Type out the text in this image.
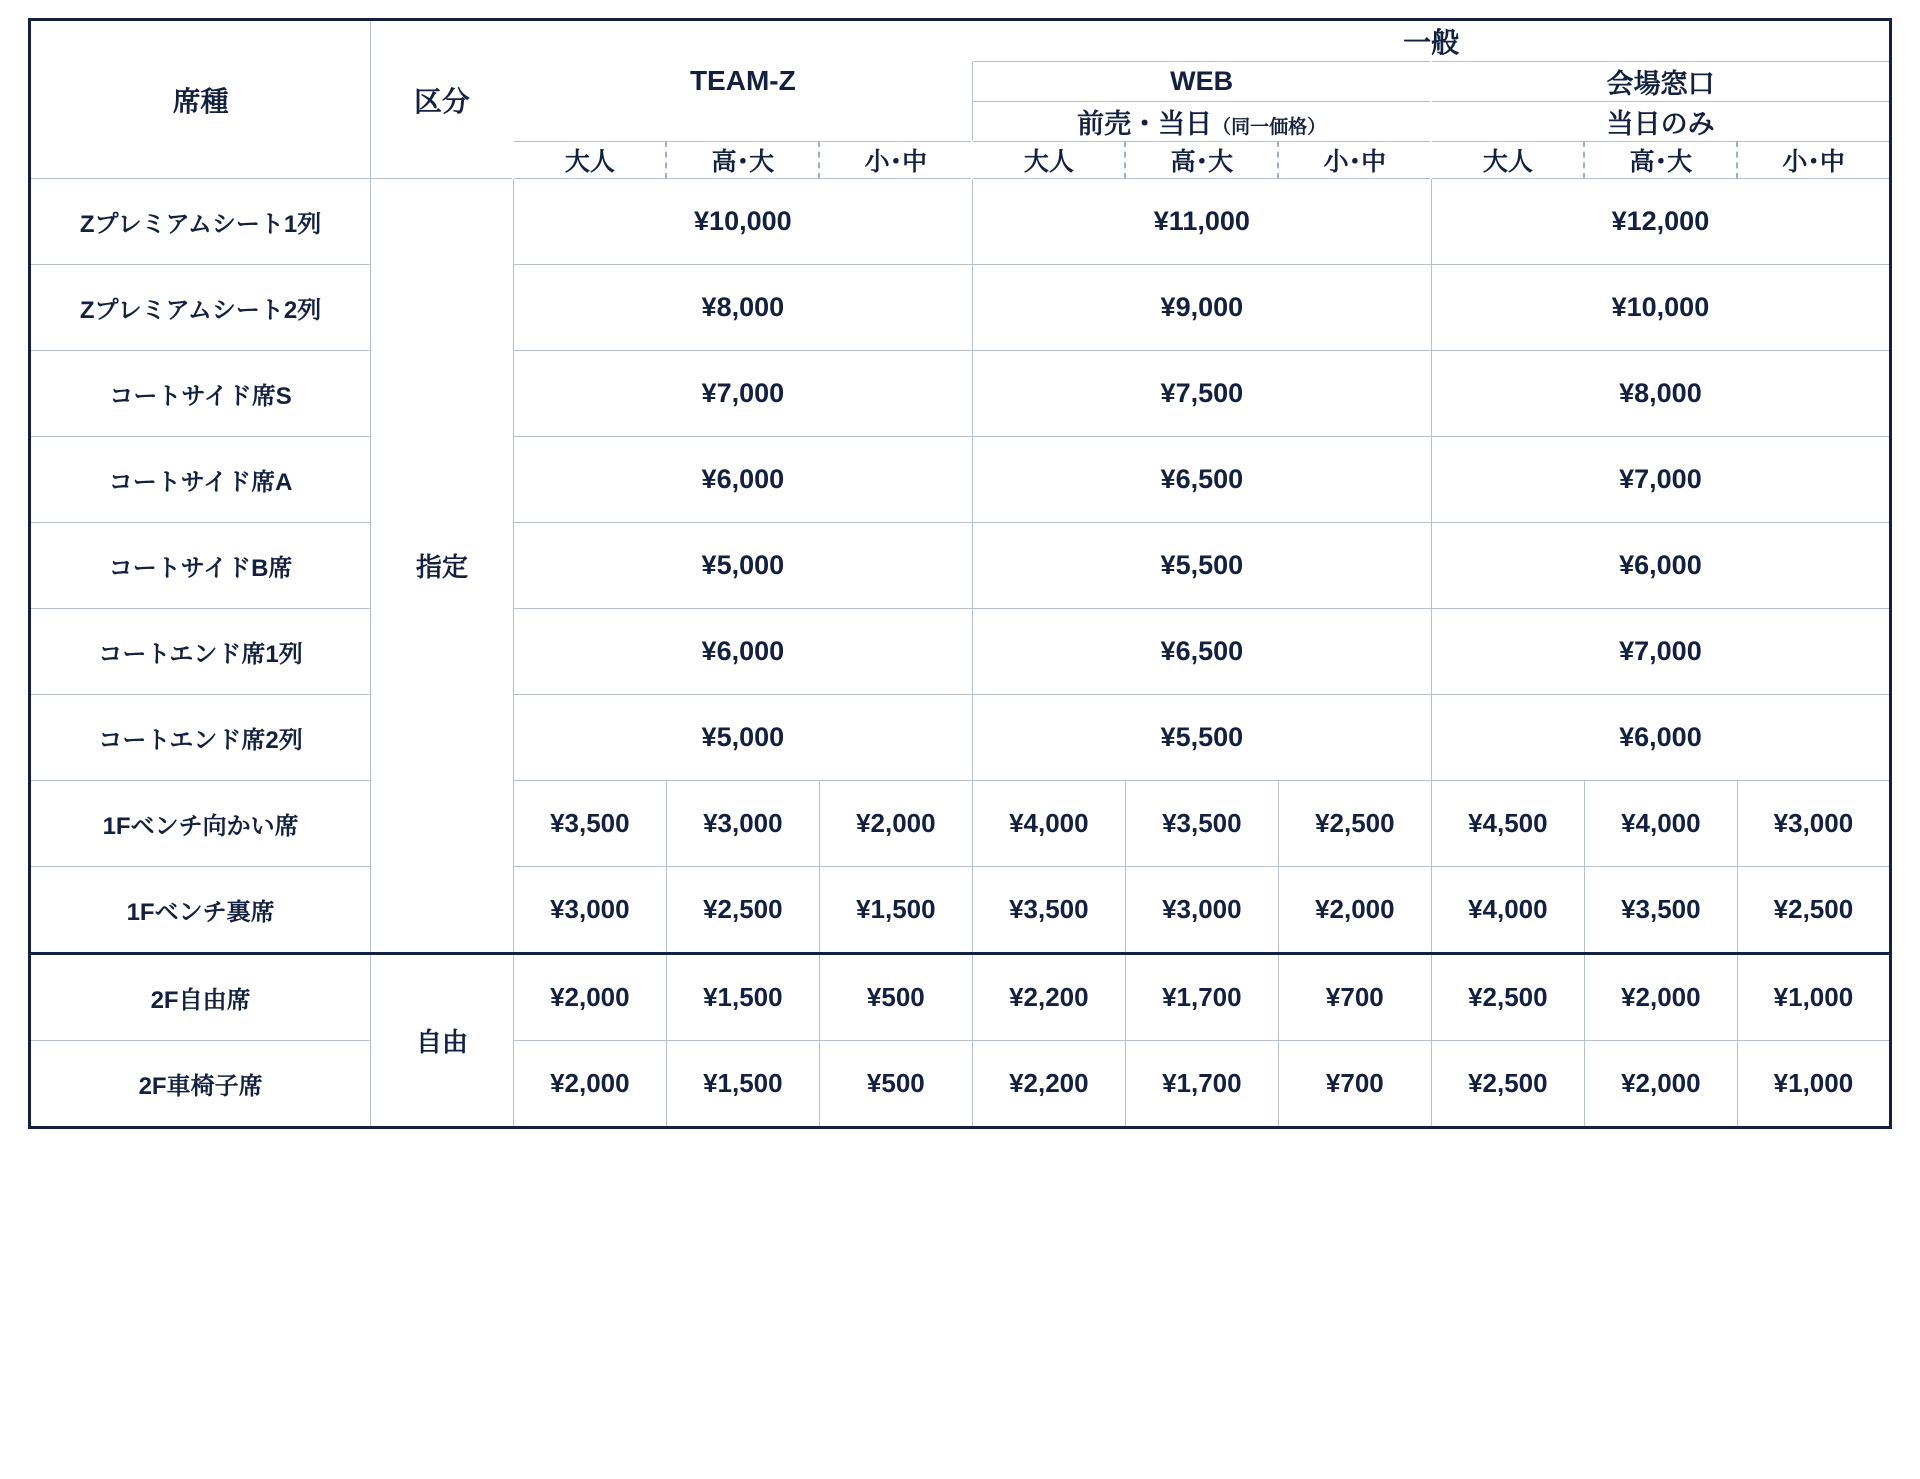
席種	区分	TEAM-Z			一般					
					WEB			会場窓口		
					前売・当日（同一価格）			当日のみ		
		大人	高･大	小･中	大人	高･大	小･中	大人	高･大	小･中
Zプレミアムシート1列	指定	¥10,000			¥11,000			¥12,000		
Zプレミアムシート2列		¥8,000			¥9,000			¥10,000		
コートサイド席S		¥7,000			¥7,500			¥8,000		
コートサイド席A		¥6,000			¥6,500			¥7,000		
コートサイドB席		¥5,000			¥5,500			¥6,000		
コートエンド席1列		¥6,000			¥6,500			¥7,000		
コートエンド席2列		¥5,000			¥5,500			¥6,000		
1Fベンチ向かい席		¥3,500	¥3,000	¥2,000	¥4,000	¥3,500	¥2,500	¥4,500	¥4,000	¥3,000
1Fベンチ裏席		¥3,000	¥2,500	¥1,500	¥3,500	¥3,000	¥2,000	¥4,000	¥3,500	¥2,500
2F自由席	自由	¥2,000	¥1,500	¥500	¥2,200	¥1,700	¥700	¥2,500	¥2,000	¥1,000
2F車椅子席		¥2,000	¥1,500	¥500	¥2,200	¥1,700	¥700	¥2,500	¥2,000	¥1,000
